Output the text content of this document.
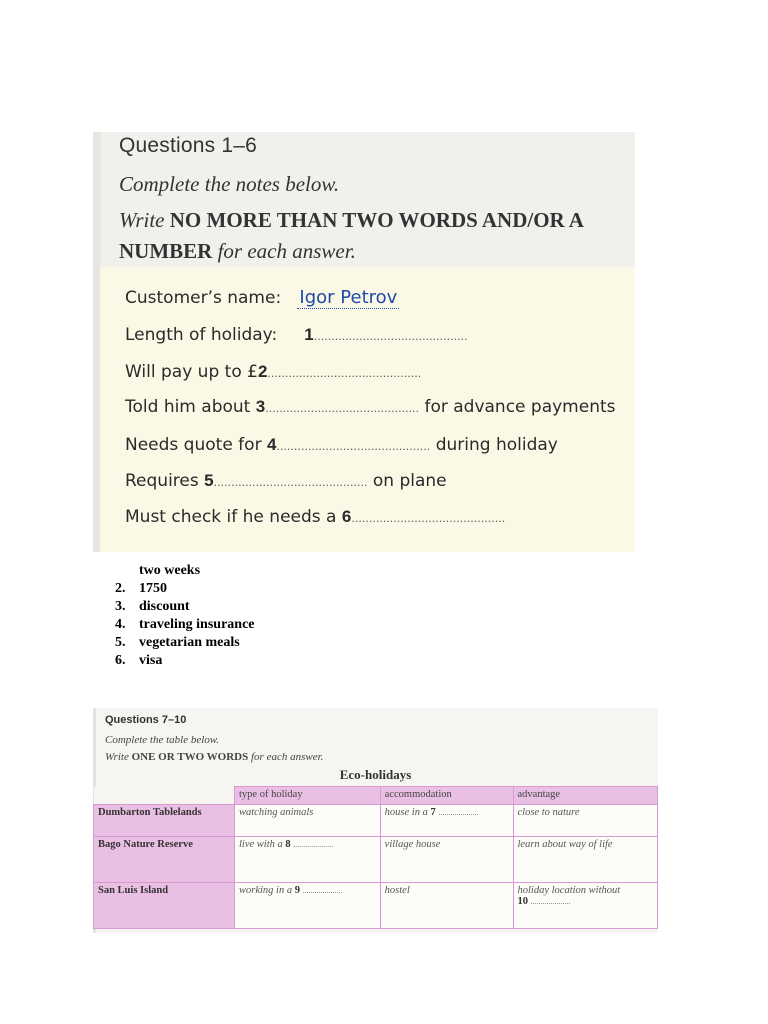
Questions 1–6
Complete the notes below.
Write NO MORE THAN TWO WORDS AND/OR A NUMBER for each answer.
Customer’s name: Igor Petrov
Length of holiday: 1............................................
Will pay up to £2............................................
Told him about 3............................................ for advance payments
Needs quote for 4............................................ during holiday
Requires 5............................................ on plane
Must check if he needs a 6............................................
two weeks
2. 1750
3. discount
4. traveling insurance
5. vegetarian meals
6. visa
Questions 7–10
Complete the table below.
Write ONE OR TWO WORDS for each answer.
Eco-holidays
	type of holiday	accommodation	advantage
Dumbarton Tablelands	watching animals	house in a 7 ....................	close to nature
Bago Nature Reserve	live with a 8 ....................	village house	learn about way of life
San Luis Island	working in a 9 ....................	hostel	holiday location without
10 ....................
